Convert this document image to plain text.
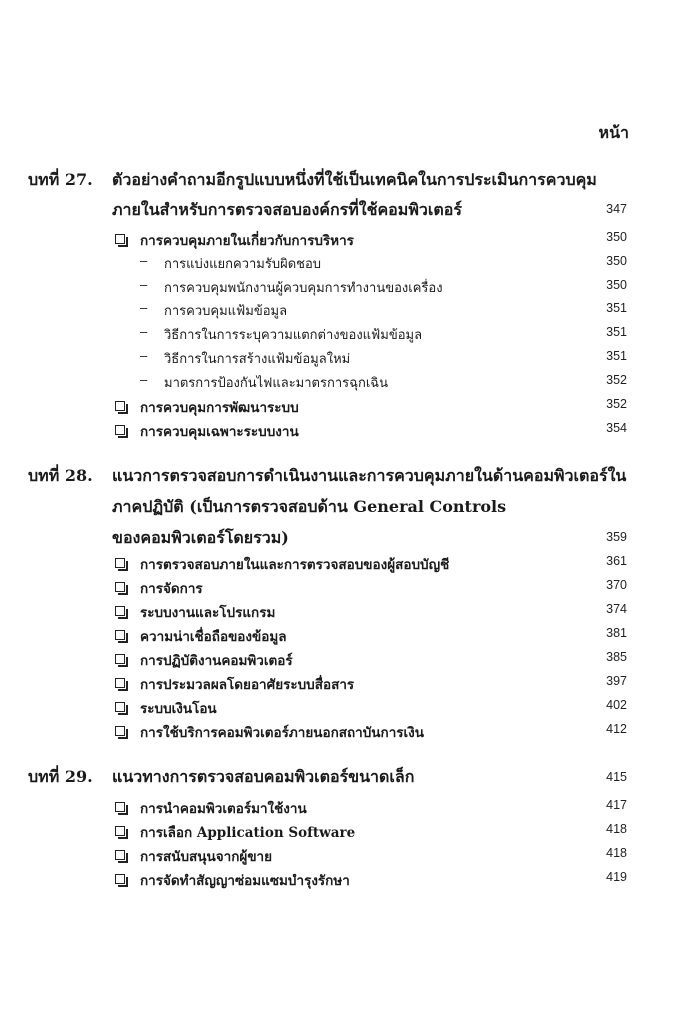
หน้า
บทที่ 27. ตัวอย่างคำถามอีกรูปแบบหนึ่งที่ใช้เป็นเทคนิคในการประเมินการควบคุม
ภายในสำหรับการตรวจสอบองค์กรที่ใช้คอมพิวเตอร์	347
การควบคุมภายในเกี่ยวกับการบริหาร	350
– การแบ่งแยกความรับผิดชอบ	350
– การควบคุมพนักงานผู้ควบคุมการทำงานของเครื่อง	350
– การควบคุมแฟ้มข้อมูล	351
– วิธีการในการระบุความแตกต่างของแฟ้มข้อมูล	351
– วิธีการในการสร้างแฟ้มข้อมูลใหม่	351
– มาตรการป้องกันไฟและมาตรการฉุกเฉิน	352
การควบคุมการพัฒนาระบบ	352
การควบคุมเฉพาะระบบงาน	354
บทที่ 28. แนวการตรวจสอบการดำเนินงานและการควบคุมภายในด้านคอมพิวเตอร์ใน
ภาคปฏิบัติ (เป็นการตรวจสอบด้าน General Controls
ของคอมพิวเตอร์โดยรวม)	359
การตรวจสอบภายในและการตรวจสอบของผู้สอบบัญชี	361
การจัดการ	370
ระบบงานและโปรแกรม	374
ความน่าเชื่อถือของข้อมูล	381
การปฏิบัติงานคอมพิวเตอร์	385
การประมวลผลโดยอาศัยระบบสื่อสาร	397
ระบบเงินโอน	402
การใช้บริการคอมพิวเตอร์ภายนอกสถาบันการเงิน	412
บทที่ 29. แนวทางการตรวจสอบคอมพิวเตอร์ขนาดเล็ก	415
การนำคอมพิวเตอร์มาใช้งาน	417
การเลือก Application Software	418
การสนับสนุนจากผู้ขาย	418
การจัดทำสัญญาซ่อมแซมบำรุงรักษา	419
